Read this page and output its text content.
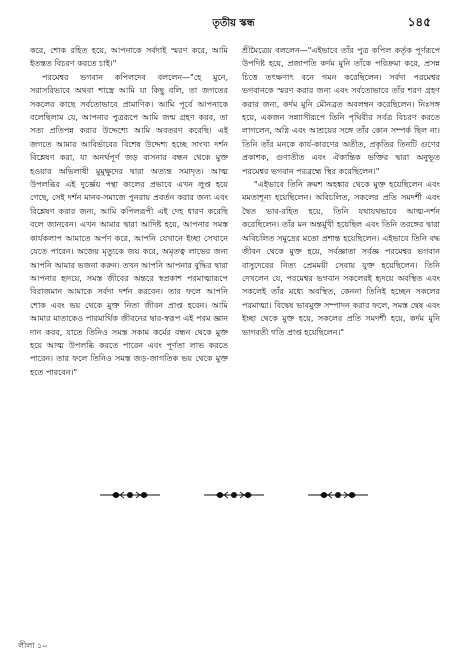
তৃতীয় স্কন্ধ	১৪৫

করে, শোক রহিত হয়ে, আপনাকে সর্বদাই স্মরণ করে, আমি ইতস্তত বিচরণ করতে চাই।"

পরমেশ্বর ভগবান কপিলদেব বললেন—"হে মুনে, সরাসরিভাবে অথবা শাস্ত্রে আমি যা কিছু বলি, তা জগতের সকলের কাছে সর্বতোভাবে প্রামাণিক। আমি পূর্বে আপনাকে বলেছিলাম যে, আপনার পুত্ররূপে আমি জন্ম গ্রহণ করব, তা সত্য প্রতিপন্ন করার উদ্দেশ্যে আমি অবতরণ করেছি। এই জগতে আমার আবির্ভাবের বিশেষ উদ্দেশ্য হচ্ছে সাংখ্য দর্শন বিশ্লেষণ করা, যা অনর্থপূর্ণ জড় বাসনার বন্ধন থেকে মুক্ত হওয়ার অভিলাষী মুমুক্ষুদের দ্বারা অত্যন্ত সমাদৃত। আত্ম উপলব্ধির এই দুর্জ্ঞেয় পন্থা কালের প্রভাবে এখন লুপ্ত হয়ে গেছে, সেই দর্শন মানব-সমাজে পুনরায় প্রবর্তন করার জন্য এবং বিশ্লেষণ করার জন্য, আমি কপিলরূপী এই দেহ ধারণ করেছি বলে জানবেন। এখন আমার দ্বারা আদিষ্ট হয়ে, আপনার সমস্ত কার্যকলাপ আমাতে অর্পণ করে, আপনি যেখানে ইচ্ছা সেখানে যেতে পারেন। অজেয় মৃত্যুকে জয় করে, অমৃতত্ব লাভের জন্য আপনি আমার ভজনা করুন। তখন আপনি আপনার বুদ্ধির দ্বারা আপনার হৃদয়ে, সমস্ত জীবের অন্তরে স্বপ্রকাশ পরমাত্মারূপে বিরাজমান আমাকে সর্বদা দর্শন করবেন। তার ফলে আপনি শোক এবং ভয় থেকে মুক্ত নিত্য জীবন প্রাপ্ত হবেন। আমি আমার মাতাকেও পারমার্থিক জীবনের দ্বার-স্বরূপ এই পরম জ্ঞান দান করব, যাতে তিনিও সমস্ত সকাম কর্মের বন্ধন থেকে মুক্ত হয়ে আত্ম উপলব্ধি করতে পারেন এবং পূর্ণতা লাভ করতে পারেন। তার ফলে তিনিও সমস্ত জড়-জাগতিক ভয় থেকে মুক্ত হতে পারবেন।"

শ্রীমৈত্রেয় বললেন—"এইভাবে তাঁর পুত্র কপিল কর্তৃক পূর্ণরূপে উপদিষ্ট হয়ে, প্রজাপতি কর্দম মুনি তাঁকে পরিক্রমা করে, প্রসন্ন চিত্তে তৎক্ষণাৎ বনে গমন করেছিলেন। সর্বদা পরমেশ্বর ভগবানকে স্মরণ করার জন্য এবং সর্বতোভাবে তাঁর শরণ গ্রহণ করার জন্য, কর্দম মুনি মৌনব্রত অবলম্বন করেছিলেন। নিঃসঙ্গ হয়ে, একজন সন্ন্যাসীরূপে তিনি পৃথিবীর সর্বত্র বিচরণ করতে লাগলেন, অগ্নি এবং আশ্রয়ের সঙ্গে তাঁর কোন সম্পর্ক ছিল না। তিনি তাঁর মনকে কার্য-কারণের অতীত, প্রকৃতির তিনটি গুণের প্রকাশক, গুণাতীত এবং ঐকান্তিক ভক্তির দ্বারা অনুভূত পরমেশ্বর ভগবান পরব্রহ্মে স্থির করেছিলেন।"

"এইভাবে তিনি ক্রমশ অহঙ্কার থেকে মুক্ত হয়েছিলেন এবং মমতাশূন্য হয়েছিলেন। অবিচলিত, সকলের প্রতি সমদর্শী এবং দ্বৈত ভাব-রহিত হয়ে, তিনি যথাযথভাবে আত্ম-দর্শন করেছিলেন। তাঁর মন অন্তর্মুখী হয়েছিল এবং তিনি তরঙ্গের দ্বারা অবিচলিত সমুদ্রের মতো প্রশান্ত হয়েছিলেন। এইভাবে তিনি বদ্ধ জীবন থেকে মুক্ত হয়ে, সর্বজ্ঞাতা সর্বজ্ঞ পরমেশ্বর ভগবান বাসুদেবের নিত্য প্রেমময়ী সেবায় যুক্ত হয়েছিলেন। তিনি দেখলেন যে, পরমেশ্বর ভগবান সকলেরই হৃদয়ে অবস্থিত এবং সকলেই তাঁর মধ্যে অবস্থিত, কেননা তিনিই হচ্ছেন সকলের পরমাত্মা। বিদ্বেষ ভাবমুক্ত সম্পাদন করার ফলে, সমস্ত দ্বেষ এবং ইচ্ছা থেকে মুক্ত হয়ে, সকলের প্রতি সমদর্শী হয়ে, কর্দম মুনি ভাগবতী গতি প্রাপ্ত হয়েছিলেন।"

লীলা ১০
